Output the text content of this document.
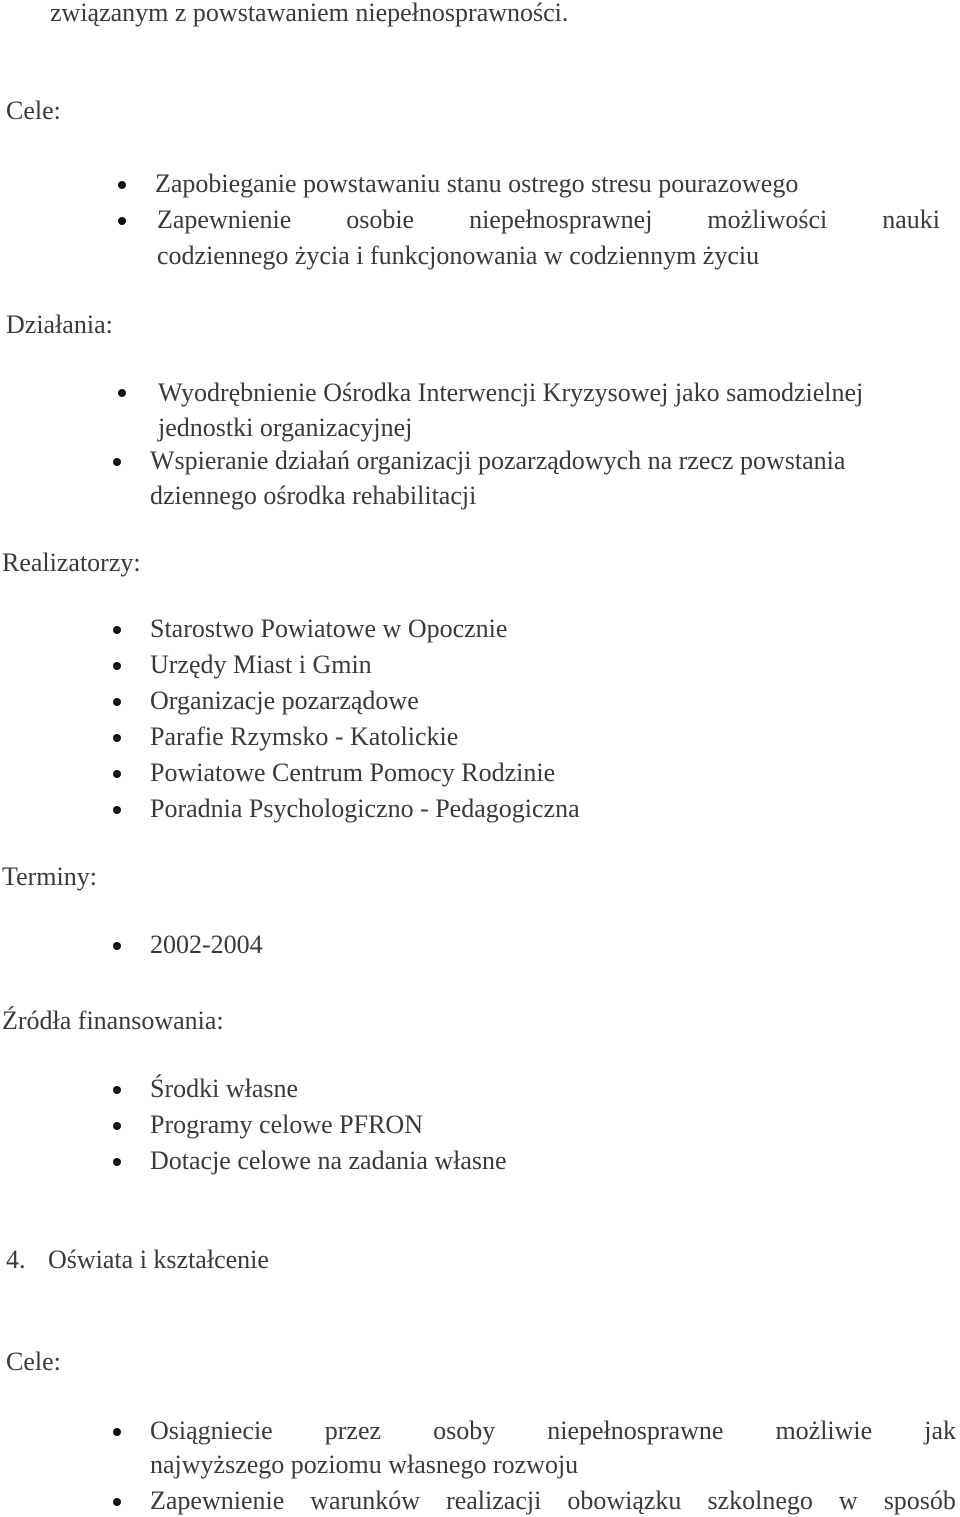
związanym z powstawaniem niepełnosprawności.
Cele:
Zapobieganie powstawaniu stanu ostrego stresu pourazowego
Zapewnienie osobie niepełnosprawnej możliwości nauki
codziennego życia i funkcjonowania w codziennym życiu
Działania:
Wyodrębnienie Ośrodka Interwencji Kryzysowej jako samodzielnej
jednostki organizacyjnej
Wspieranie działań organizacji pozarządowych na rzecz powstania
dziennego ośrodka rehabilitacji
Realizatorzy:
Starostwo Powiatowe w Opocznie
Urzędy Miast i Gmin
Organizacje pozarządowe
Parafie Rzymsko - Katolickie
Powiatowe Centrum Pomocy Rodzinie
Poradnia Psychologiczno - Pedagogiczna
Terminy:
2002-2004
Źródła finansowania:
Środki własne
Programy celowe PFRON
Dotacje celowe na zadania własne
4. Oświata i kształcenie
Cele:
Osiągniecie przez osoby niepełnosprawne możliwie jak
najwyższego poziomu własnego rozwoju
Zapewnienie warunków realizacji obowiązku szkolnego w sposób
